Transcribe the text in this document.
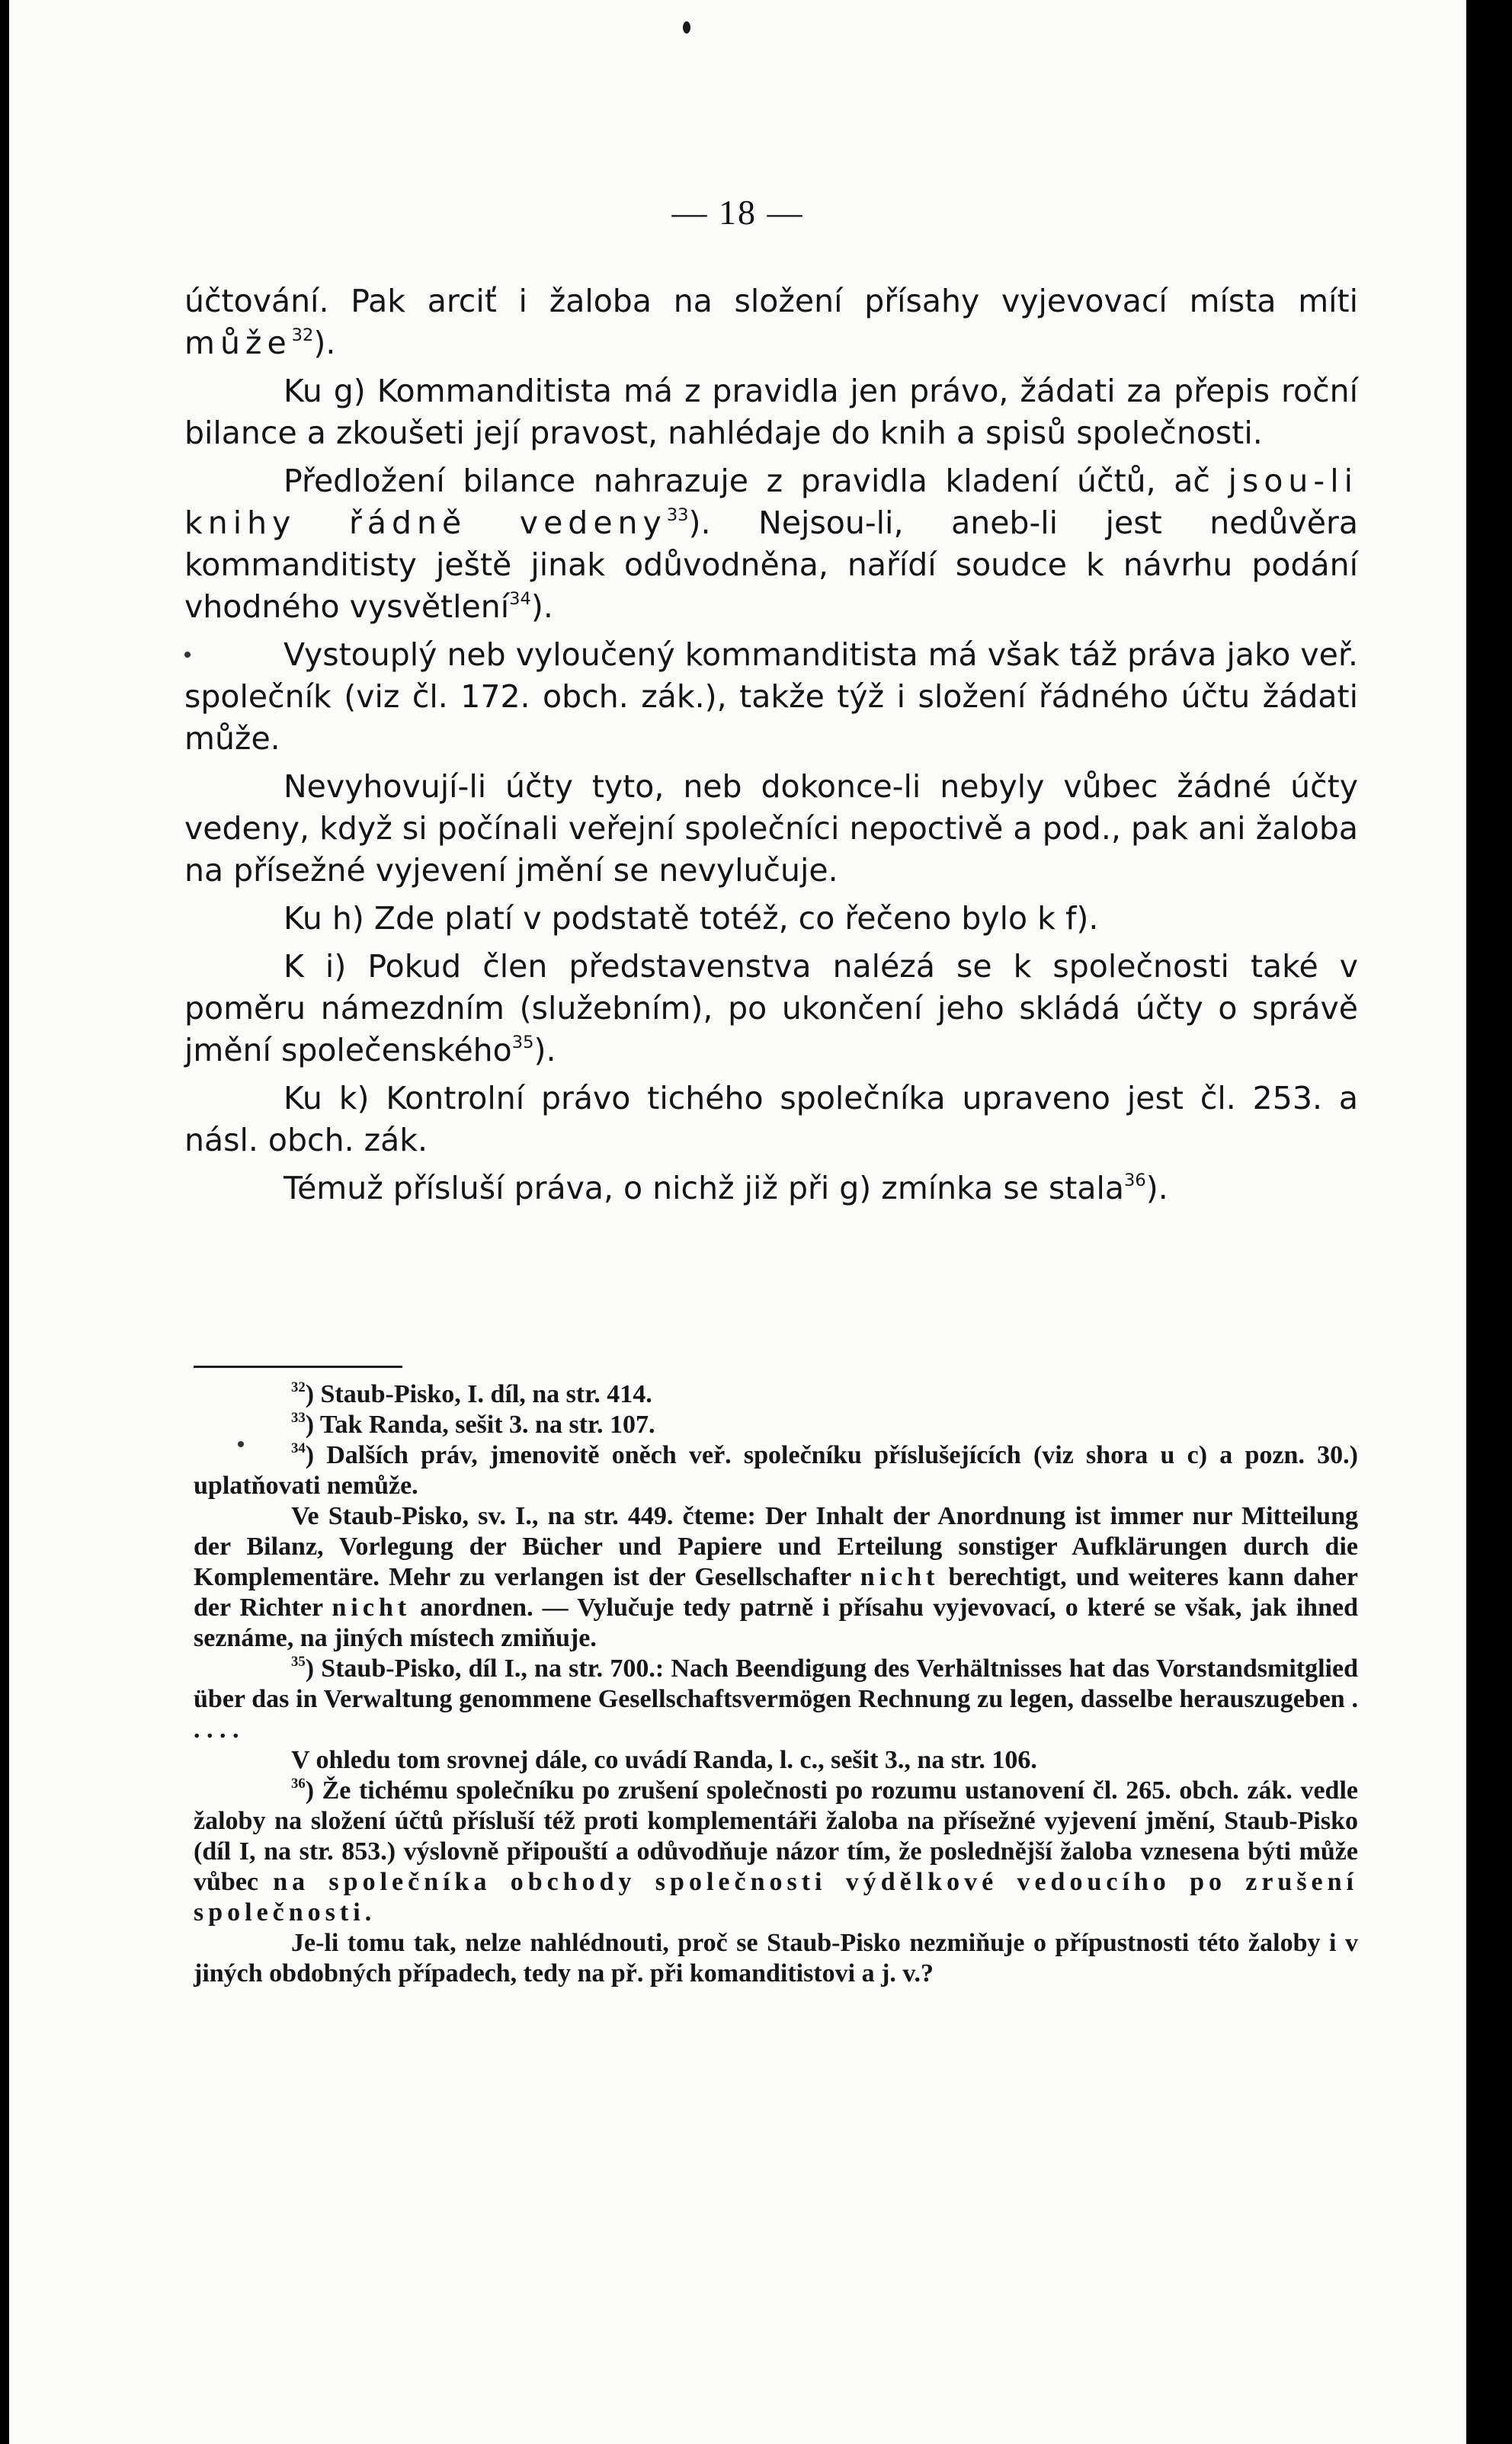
— 18 —

účtování. Pak arciť i žaloba na složení přísahy vyjevovací místa míti může$^{32}$).

Ku g) Kommanditista má z pravidla jen právo, žádati za přepis roční bilance a zkoušeti její pravost, nahlédaje do knih a spisů společnosti.

Předložení bilance nahrazuje z pravidla kladení účtů, ač jsou-li knihy řádně vedeny$^{33}$). Nejsou-li, aneb-li jest nedůvěra kommanditisty ještě jinak odůvodněna, nařídí soudce k návrhu podání vhodného vysvětlení$^{34}$).

Vystouplý neb vyloučený kommanditista má však táž práva jako veř. společník (viz čl. 172. obch. zák.), takže týž i složení řádného účtu žádati může.

Nevyhovují-li účty tyto, neb dokonce-li nebyly vůbec žádné účty vedeny, když si počínali veřejní společníci nepoctivě a pod., pak ani žaloba na přísežné vyjevení jmění se nevylučuje.

Ku h) Zde platí v podstatě totéž, co řečeno bylo k f).

K i) Pokud člen představenstva nalézá se k společnosti také v poměru námezdním (služebním), po ukončení jeho skládá účty o správě jmění společenského$^{35}$).

Ku k) Kontrolní právo tichého společníka upraveno jest čl. 253. a násl. obch. zák.

Témuž přísluší práva, o nichž již při g) zmínka se stala$^{36}$).

$^{32}$) Staub-Pisko, I. díl, na str. 414.

$^{33}$) Tak Randa, sešit 3. na str. 107.

$^{34}$) Dalších práv, jmenovitě oněch veř. společníku příslušejících (viz shora u c) a pozn. 30.) uplatňovati nemůže.

Ve Staub-Pisko, sv. I., na str. 449. čteme: Der Inhalt der Anordnung ist immer nur Mitteilung der Bilanz, Vorlegung der Bücher und Papiere und Erteilung sonstiger Aufklärungen durch die Komplementäre. Mehr zu verlangen ist der Gesellschafter nicht berechtigt, und weiteres kann daher der Richter nicht anordnen. — Vylučuje tedy patrně i přísahu vyjevovací, o které se však, jak ihned seznáme, na jiných místech zmiňuje.

$^{35}$) Staub-Pisko, díl I., na str. 700.: Nach Beendigung des Verhältnisses hat das Vorstandsmitglied über das in Verwaltung genommene Gesellschaftsvermögen Rechnung zu legen, dasselbe herauszugeben . . . . .

V ohledu tom srovnej dále, co uvádí Randa, l. c., sešit 3., na str. 106.

$^{36}$) Že tichému společníku po zrušení společnosti po rozumu ustanovení čl. 265. obch. zák. vedle žaloby na složení účtů přísluší též proti komplementáři žaloba na přísežné vyjevení jmění, Staub-Pisko (díl I, na str. 853.) výslovně připouští a odůvodňuje názor tím, že poslednější žaloba vznesena býti může vůbec na společníka obchody společnosti výdělkové vedoucího po zrušení společnosti.

Je-li tomu tak, nelze nahlédnouti, proč se Staub-Pisko nezmiňuje o přípustnosti této žaloby i v jiných obdobných případech, tedy na př. při komanditistovi a j. v.?
